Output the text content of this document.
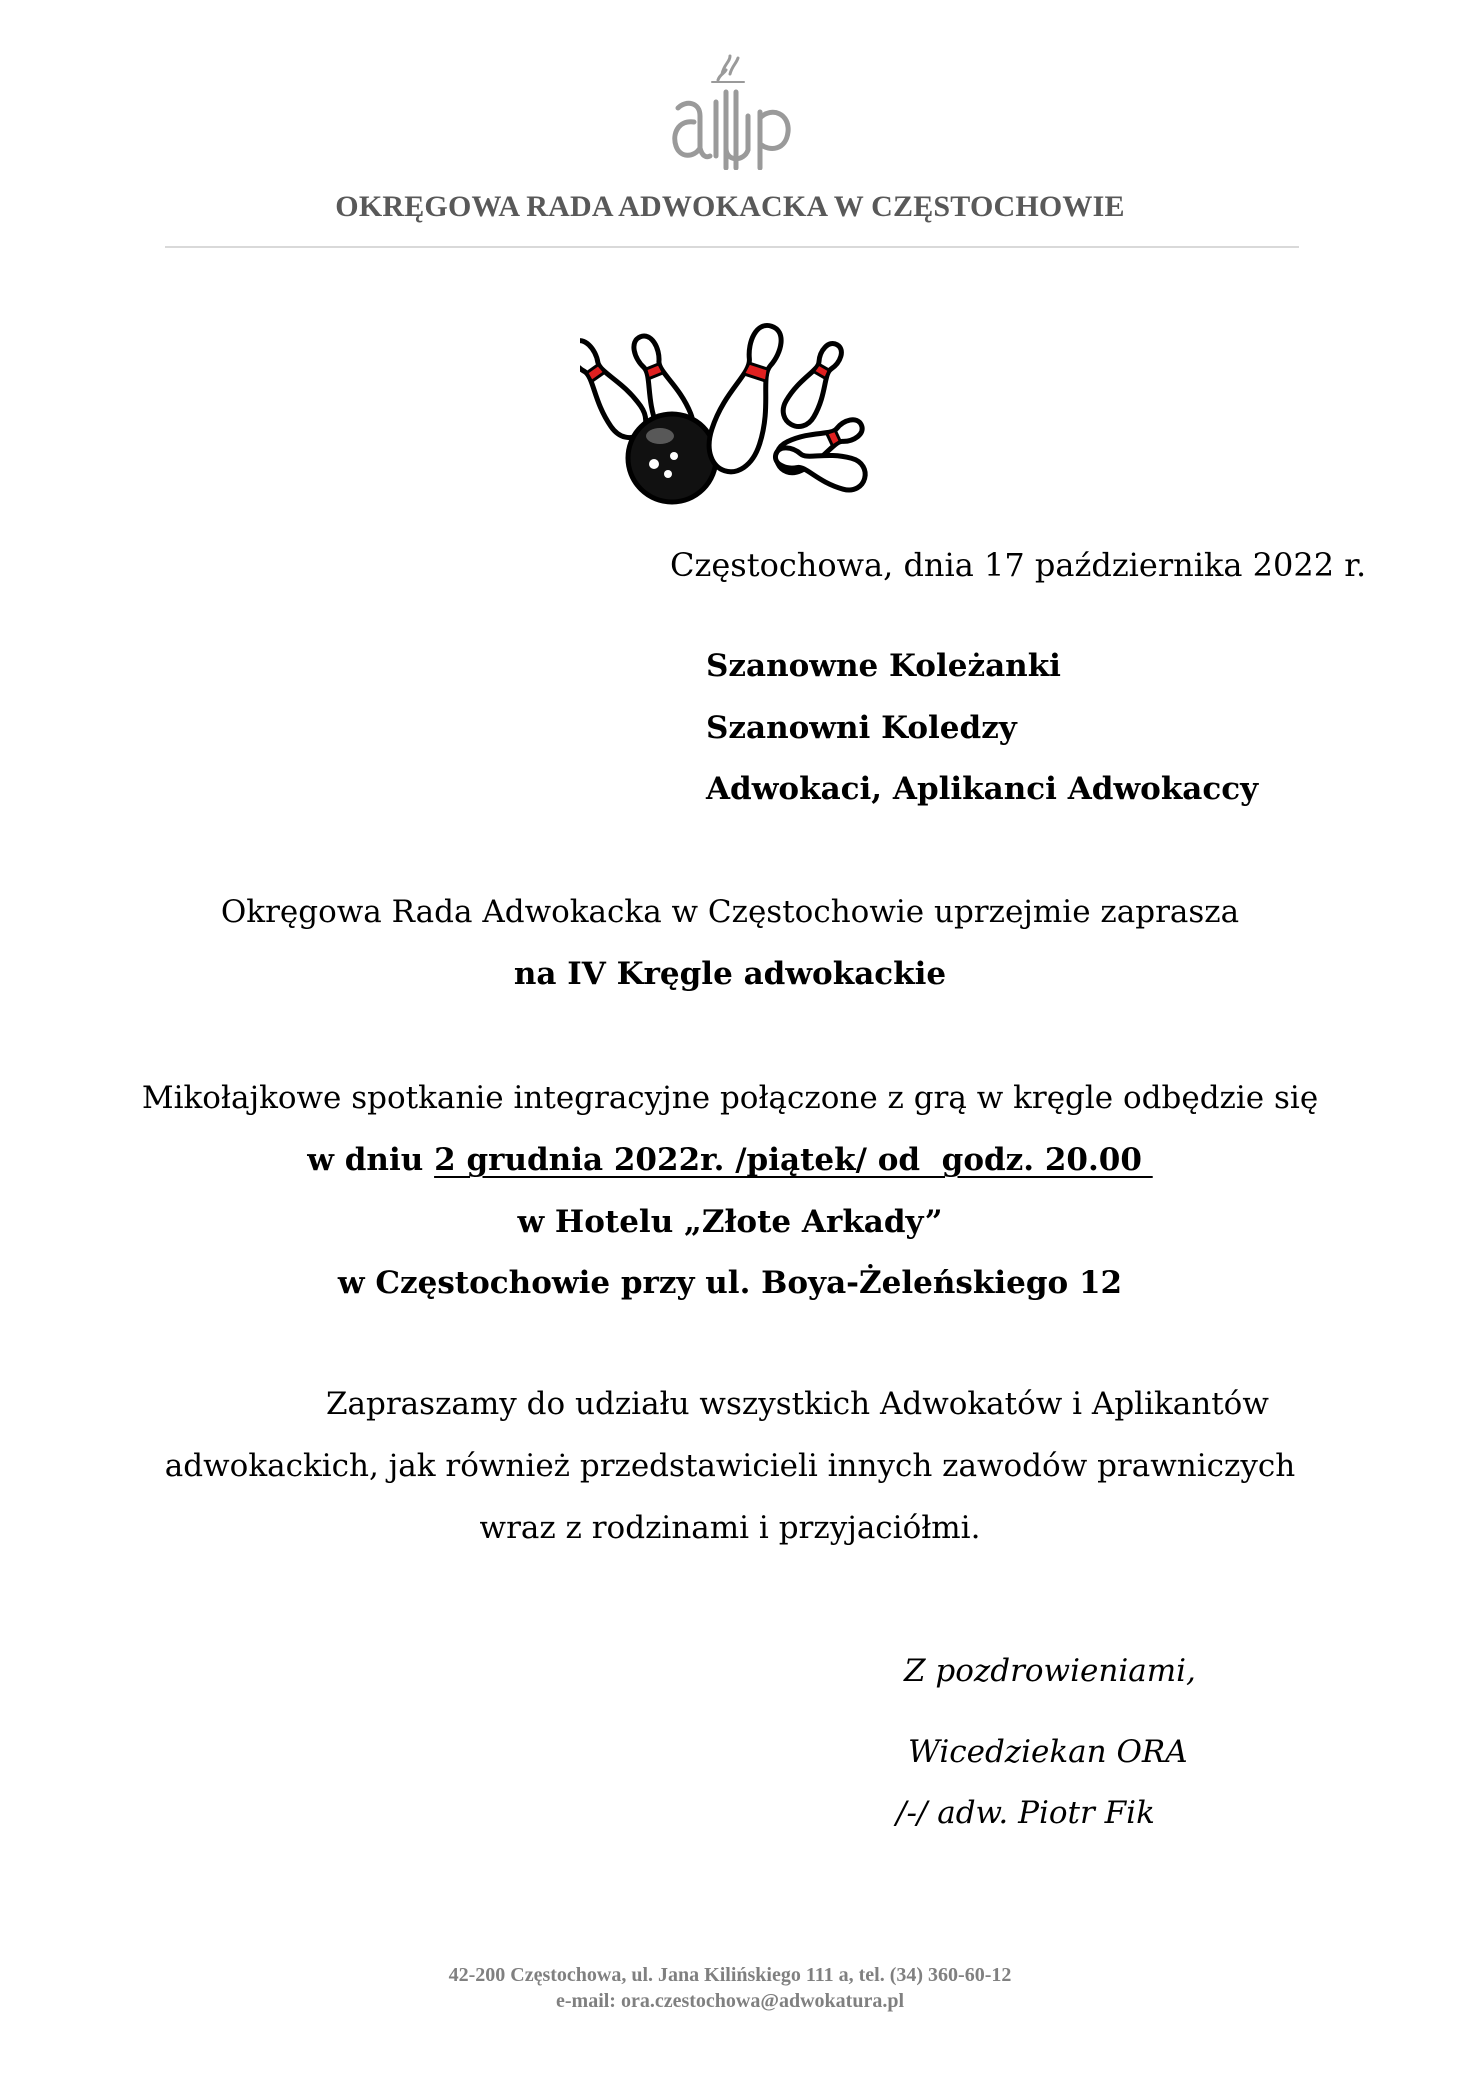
OKRĘGOWA RADA ADWOKACKA W CZĘSTOCHOWIE
Częstochowa, dnia 17 października 2022 r.
Szanowne Koleżanki
Szanowni Koledzy
Adwokaci, Aplikanci Adwokaccy
Okręgowa Rada Adwokacka w Częstochowie uprzejmie zaprasza
na IV Kręgle adwokackie
Mikołajkowe spotkanie integracyjne połączone z grą w kręgle odbędzie się
w dniu 2 grudnia 2022r. /piątek/ od  godz. 20.00
w Hotelu „Złote Arkady”
w Częstochowie przy ul. Boya-Żeleńskiego 12
Zapraszamy do udziału wszystkich Adwokatów i Aplikantów
adwokackich, jak również przedstawicieli innych zawodów prawniczych
wraz z rodzinami i przyjaciółmi.
Z pozdrowieniami,
Wicedziekan ORA
/-/ adw. Piotr Fik
42-200 Częstochowa, ul. Jana Kilińskiego 111 a, tel. (34) 360-60-12
e-mail: ora.czestochowa@adwokatura.pl
